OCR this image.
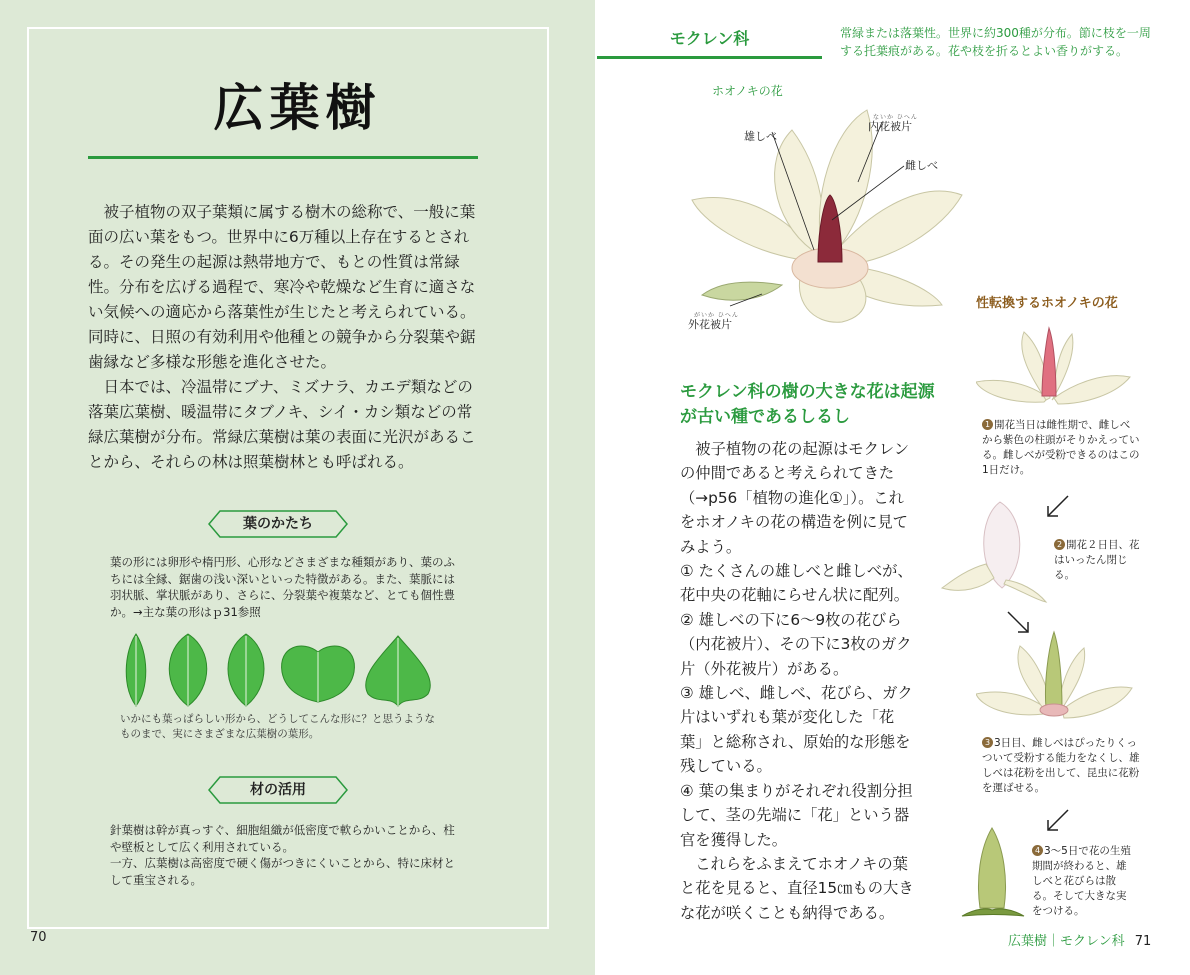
広葉樹

被子植物の双子葉類に属する樹木の総称で、一般に葉面の広い葉をもつ。世界中に6万種以上存在するとされる。その発生の起源は熱帯地方で、もとの性質は常緑性。分布を広げる過程で、寒冷や乾燥など生育に適さない気候への適応から落葉性が生じたと考えられている。同時に、日照の有効利用や他種との競争から分裂葉や鋸歯縁など多様な形態を進化させた。

日本では、冷温帯にブナ、ミズナラ、カエデ類などの落葉広葉樹、暖温帯にタブノキ、シイ・カシ類などの常緑広葉樹が分布。常緑広葉樹は葉の表面に光沢があることから、それらの林は照葉樹林とも呼ばれる。

葉のかたち
葉の形には卵形や楕円形、心形などさまざまな種類があり、葉のふちには全縁、鋸歯の浅い深いといった特徴がある。また、葉脈には羽状脈、掌状脈があり、さらに、分裂葉や複葉など、とても個性豊か。→主な葉の形はｐ31参照
いかにも葉っぱらしい形から、どうしてこんな形に？と思うようなものまで、実にさまざまな広葉樹の葉形。
材の活用
針葉樹は幹が真っすぐ、細胞組織が低密度で軟らかいことから、柱や壁板として広く利用されている。
一方、広葉樹は高密度で硬く傷がつきにくいことから、特に床材として重宝される。
70
モクレン科	常緑または落葉性。世界に約300種が分布。節に枝を一周する托葉痕がある。花や枝を折るとよい香りがする。
ホオノキの花
雄しべ
ないか ひへん
内花被片
雌しべ
がいか ひへん
外花被片
モクレン科の樹の大きな花は起源が古い種であるしるし

被子植物の花の起源はモクレンの仲間であると考えられてきた（→p56「植物の進化①」）。これをホオノキの花の構造を例に見てみよう。

① たくさんの雄しべと雌しべが、花中央の花軸にらせん状に配列。

② 雄しべの下に6〜9枚の花びら（内花被片）、その下に3枚のガク片（外花被片）がある。

③ 雄しべ、雌しべ、花びら、ガク片はいずれも葉が変化した「花葉」と総称され、原始的な形態を残している。

④ 葉の集まりがそれぞれ役割分担して、茎の先端に「花」という器官を獲得した。

これらをふまえてホオノキの葉と花を見ると、直径15㎝もの大きな花が咲くことも納得である。

性転換するホオノキの花
1 開花当日は雌性期で、雌しべから紫色の柱頭がそりかえっている。雌しべが受粉できるのはこの1日だけ。
2 開花２日目、花はいったん閉じる。
3 3日目、雌しべはぴったりくっついて受粉する能力をなくし、雄しべは花粉を出して、昆虫に花粉を運ばせる。
4 3〜5日で花の生殖期間が終わると、雄しべと花びらは散る。そして大きな実をつける。
広葉樹｜モクレン科 71
